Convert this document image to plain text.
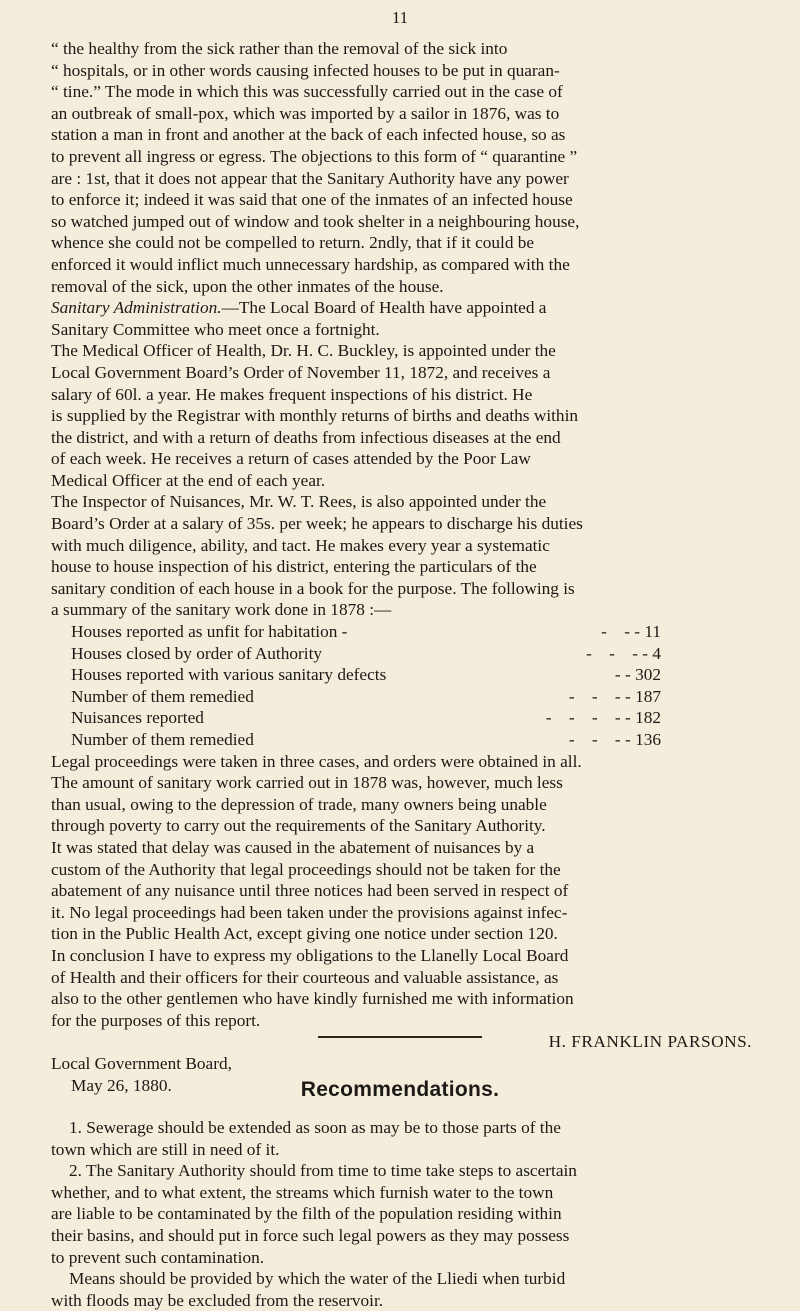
11

“ the healthy from the sick rather than the removal of the sick into

“ hospitals, or in other words causing infected houses to be put in quaran-

“ tine.” The mode in which this was successfully carried out in the case of

an outbreak of small-pox, which was imported by a sailor in 1876, was to

station a man in front and another at the back of each infected house, so as

to prevent all ingress or egress. The objections to this form of “ quarantine ”

are : 1st, that it does not appear that the Sanitary Authority have any power

to enforce it; indeed it was said that one of the inmates of an infected house

so watched jumped out of window and took shelter in a neighbouring house,

whence she could not be compelled to return. 2ndly, that if it could be

enforced it would inflict much unnecessary hardship, as compared with the

removal of the sick, upon the other inmates of the house.

Sanitary Administration.—The Local Board of Health have appointed a

Sanitary Committee who meet once a fortnight.

The Medical Officer of Health, Dr. H. C. Buckley, is appointed under the

Local Government Board’s Order of November 11, 1872, and receives a

salary of 60l. a year. He makes frequent inspections of his district. He

is supplied by the Registrar with monthly returns of births and deaths within

the district, and with a return of deaths from infectious diseases at the end

of each week. He receives a return of cases attended by the Poor Law

Medical Officer at the end of each year.

The Inspector of Nuisances, Mr. W. T. Rees, is also appointed under the

Board’s Order at a salary of 35s. per week; he appears to discharge his duties

with much diligence, ability, and tact. He makes every year a systematic

house to house inspection of his district, entering the particulars of the

sanitary condition of each house in a book for the purpose. The following is

a summary of the sanitary work done in 1878 :—

Houses reported as unfit for habitation -	-    - - 11
Houses closed by order of Authority	-    -    - - 4
Houses reported with various sanitary defects	- - 302
Number of them remedied	-    -    - - 187
Nuisances reported	-    -    -    - - 182
Number of them remedied	-    -    - - 136

Legal proceedings were taken in three cases, and orders were obtained in all.

The amount of sanitary work carried out in 1878 was, however, much less

than usual, owing to the depression of trade, many owners being unable

through poverty to carry out the requirements of the Sanitary Authority.

It was stated that delay was caused in the abatement of nuisances by a

custom of the Authority that legal proceedings should not be taken for the

abatement of any nuisance until three notices had been served in respect of

it. No legal proceedings had been taken under the provisions against infec-

tion in the Public Health Act, except giving one notice under section 120.

In conclusion I have to express my obligations to the Llanelly Local Board

of Health and their officers for their courteous and valuable assistance, as

also to the other gentlemen who have kindly furnished me with information

for the purposes of this report.

H. FRANKLIN PARSONS.

Local Government Board,

May 26, 1880.	Recommendations.

1. Sewerage should be extended as soon as may be to those parts of the

town which are still in need of it.

2. The Sanitary Authority should from time to time take steps to ascertain

whether, and to what extent, the streams which furnish water to the town

are liable to be contaminated by the filth of the population residing within

their basins, and should put in force such legal powers as they may possess

to prevent such contamination.

Means should be provided by which the water of the Lliedi when turbid

with floods may be excluded from the reservoir.
